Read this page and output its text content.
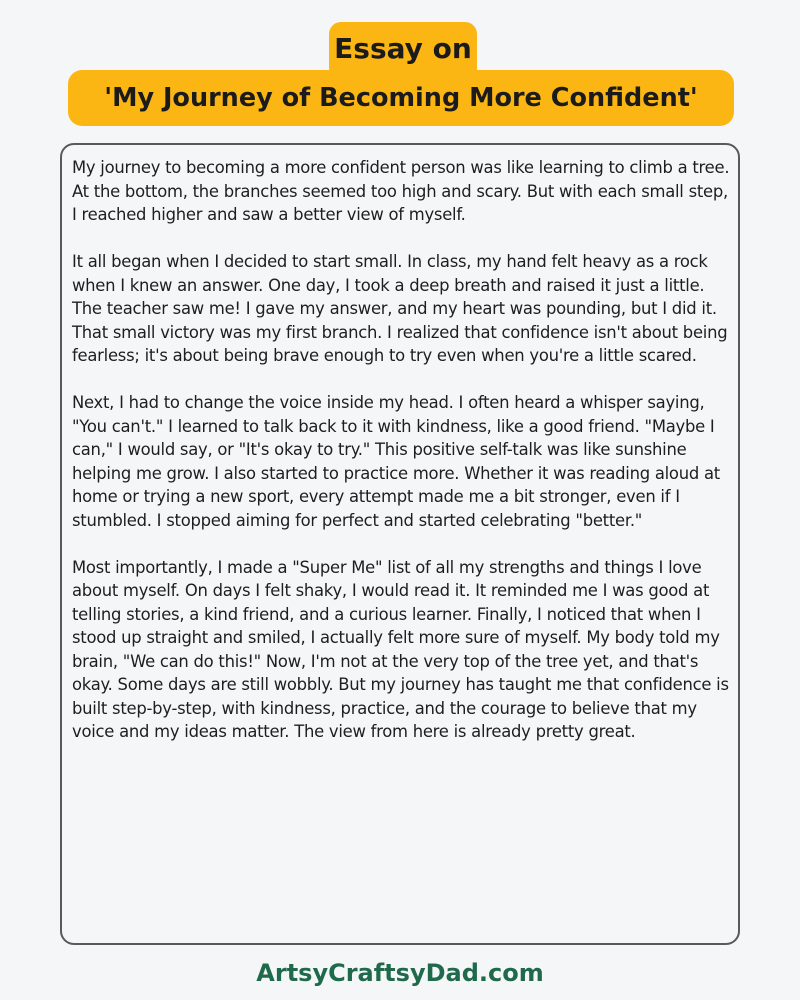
Essay on
'My Journey of Becoming More Confident'

My journey to becoming a more confident person was like learning to climb a tree. At the bottom, the branches seemed too high and scary. But with each small step, I reached higher and saw a better view of myself.

It all began when I decided to start small. In class, my hand felt heavy as a rock when I knew an answer. One day, I took a deep breath and raised it just a little. The teacher saw me! I gave my answer, and my heart was pounding, but I did it. That small victory was my first branch. I realized that confidence isn't about being fearless; it's about being brave enough to try even when you're a little scared.

Next, I had to change the voice inside my head. I often heard a whisper saying, "You can't." I learned to talk back to it with kindness, like a good friend. "Maybe I can," I would say, or "It's okay to try." This positive self-talk was like sunshine helping me grow. I also started to practice more. Whether it was reading aloud at home or trying a new sport, every attempt made me a bit stronger, even if I stumbled. I stopped aiming for perfect and started celebrating "better."

Most importantly, I made a "Super Me" list of all my strengths and things I love about myself. On days I felt shaky, I would read it. It reminded me I was good at telling stories, a kind friend, and a curious learner. Finally, I noticed that when I stood up straight and smiled, I actually felt more sure of myself. My body told my brain, "We can do this!" Now, I'm not at the very top of the tree yet, and that's okay. Some days are still wobbly. But my journey has taught me that confidence is built step-by-step, with kindness, practice, and the courage to believe that my voice and my ideas matter. The view from here is already pretty great.

ArtsyCraftsyDad.com
